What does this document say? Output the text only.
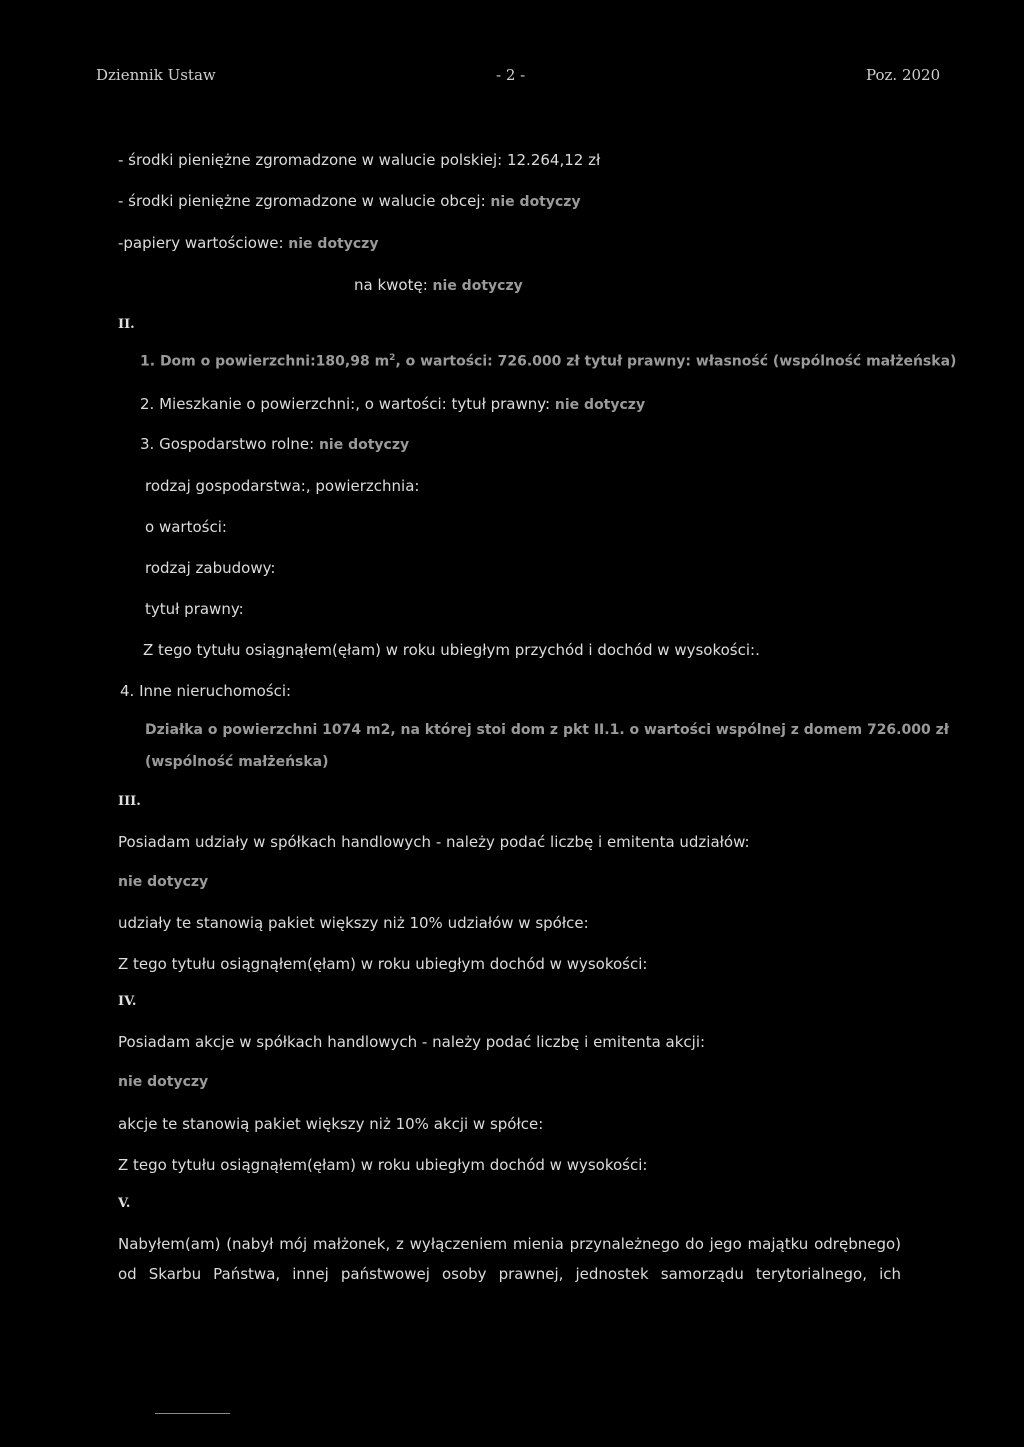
Dziennik Ustaw	- 2 -	Poz. 2020
- środki pieniężne zgromadzone w walucie polskiej: 12.264,12 zł
- środki pieniężne zgromadzone w walucie obcej: nie dotyczy
-papiery wartościowe: nie dotyczy
na kwotę: nie dotyczy
II.
1. Dom o powierzchni:180,98 $m^2$, o wartości: 726.000 zł tytuł prawny: własność (wspólność małżeńska)
2. Mieszkanie o powierzchni:, o wartości: tytuł prawny: nie dotyczy
3. Gospodarstwo rolne: nie dotyczy
rodzaj gospodarstwa:, powierzchnia:
o wartości:
rodzaj zabudowy:
tytuł prawny:
Z tego tytułu osiągnąłem(ęłam) w roku ubiegłym przychód i dochód w wysokości:.
4. Inne nieruchomości:
Działka o powierzchni 1074 m2, na której stoi dom z pkt II.1. o wartości wspólnej z domem 726.000 zł
(wspólność małżeńska)
III.
Posiadam udziały w spółkach handlowych - należy podać liczbę i emitenta udziałów:
nie dotyczy
udziały te stanowią pakiet większy niż 10% udziałów w spółce:
Z tego tytułu osiągnąłem(ęłam) w roku ubiegłym dochód w wysokości:
IV.
Posiadam akcje w spółkach handlowych - należy podać liczbę i emitenta akcji:
nie dotyczy
akcje te stanowią pakiet większy niż 10% akcji w spółce:
Z tego tytułu osiągnąłem(ęłam) w roku ubiegłym dochód w wysokości:
V.
Nabyłem(am) (nabył mój małżonek, z wyłączeniem mienia przynależnego do jego majątku odrębnego)
od Skarbu Państwa, innej państwowej osoby prawnej, jednostek samorządu terytorialnego, ich
